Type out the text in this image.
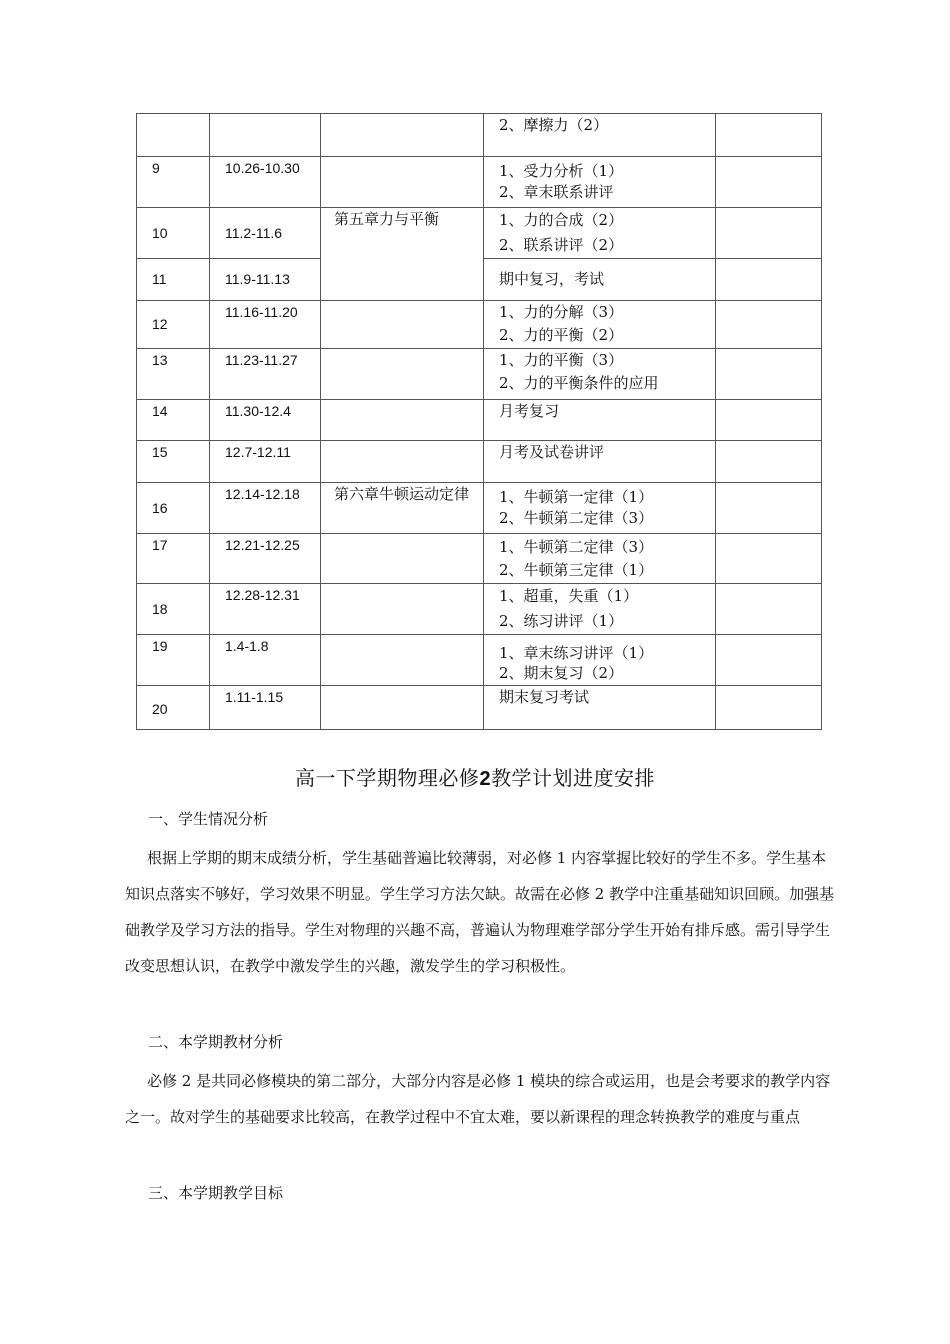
			2、摩擦力（2）	

9	10.26-10.30		1、受力分析（1）
2、章末联系讲评	

10	11.2-11.6	第五章力与平衡	1、力的合成（2）
2、联系讲评（2）	

11	11.9-11.13		期中复习，考试	

12	11.16-11.20		1、力的分解（3）
2、力的平衡（2）	

13	11.23-11.27		1、力的平衡（3）
2、力的平衡条件的应用	

14	11.30-12.4		月考复习	

15	12.7-12.11		月考及试卷讲评	

16	12.14-12.18	第六章牛顿运动定律	1、牛顿第一定律（1）
2、牛顿第二定律（3）	

17	12.21-12.25		1、牛顿第二定律（3）
2、牛顿第三定律（1）	

18	12.28-12.31		1、超重，失重（1）
2、练习讲评（1）	

19	1.4-1.8		1、章末练习讲评（1）
2、期末复习（2）	

20	1.11-1.15		期末复习考试	

高一下学期物理必修2教学计划进度安排
一、学生情况分析

根据上学期的期末成绩分析，学生基础普遍比较薄弱，对必修 1 内容掌握比较好的学生不多。学生基本知识点落实不够好，学习效果不明显。学生学习方法欠缺。故需在必修 2 教学中注重基础知识回顾。加强基础教学及学习方法的指导。学生对物理的兴趣不高，普遍认为物理难学部分学生开始有排斥感。需引导学生改变思想认识，在教学中激发学生的兴趣，激发学生的学习积极性。

二、本学期教材分析

必修 2 是共同必修模块的第二部分，大部分内容是必修 1 模块的综合或运用，也是会考要求的教学内容之一。故对学生的基础要求比较高，在教学过程中不宜太难，要以新课程的理念转换教学的难度与重点

三、本学期教学目标
